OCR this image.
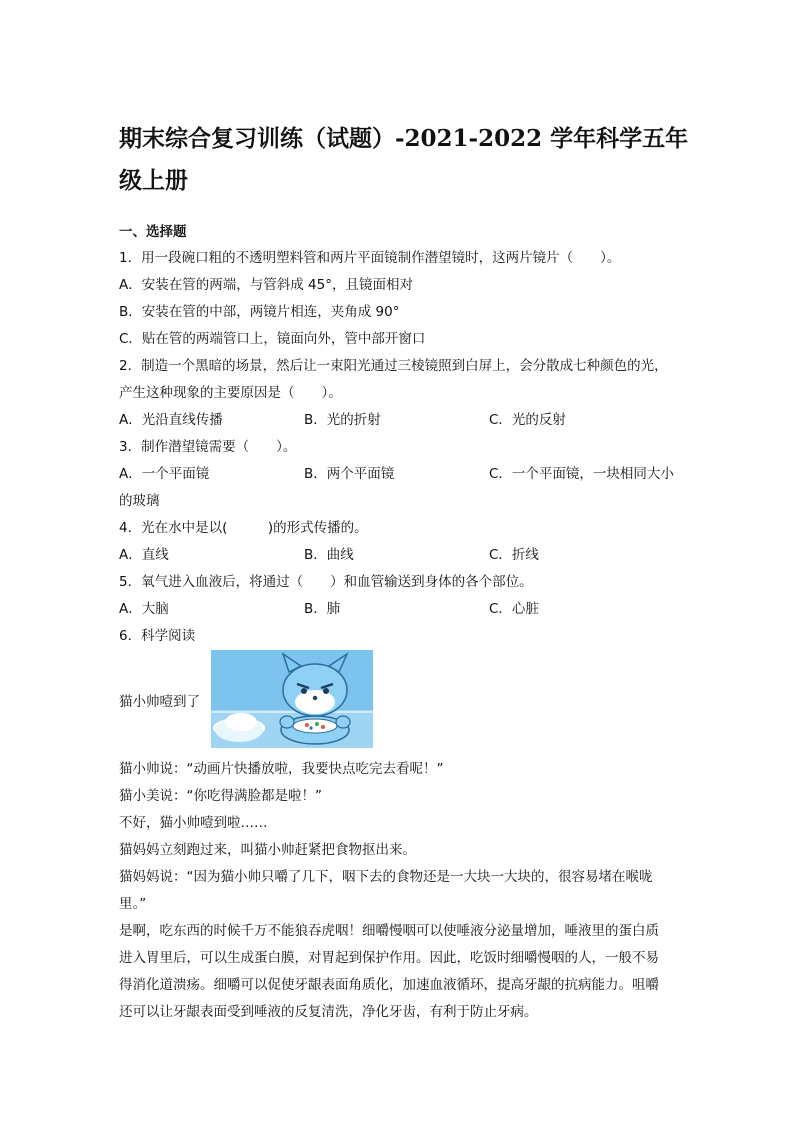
期末综合复习训练（试题）-2021-2022 学年科学五年级上册
一、选择题
1．用一段碗口粗的不透明塑料管和两片平面镜制作潜望镜时，这两片镜片（　　）。
A．安装在管的两端，与管斜成 45°，且镜面相对
B．安装在管的中部，两镜片相连，夹角成 90°
C．贴在管的两端管口上，镜面向外，管中部开窗口
2．制造一个黑暗的场景，然后让一束阳光通过三棱镜照到白屏上，会分散成七种颜色的光，
产生这种现象的主要原因是（　　）。
A．光沿直线传播	B．光的折射	C．光的反射
3．制作潜望镜需要（　　）。
A．一个平面镜	B．两个平面镜	C．一个平面镜，一块相同大小
的玻璃
4．光在水中是以(　　　)的形式传播的。
A．直线	B．曲线	C．折线
5．氧气进入血液后，将通过（　　）和血管输送到身体的各个部位。
A．大脑	B．肺	C．心脏
6．科学阅读
猫小帅噎到了
猫小帅说：“动画片快播放啦，我要快点吃完去看呢！”
猫小美说：“你吃得满脸都是啦！”
不好，猫小帅噎到啦……
猫妈妈立刻跑过来，叫猫小帅赶紧把食物抠出来。
猫妈妈说：“因为猫小帅只嚼了几下，咽下去的食物还是一大块一大块的，很容易堵在喉咙
里。”
是啊，吃东西的时候千万不能狼吞虎咽！细嚼慢咽可以使唾液分泌量增加，唾液里的蛋白质
进入胃里后，可以生成蛋白膜，对胃起到保护作用。因此，吃饭时细嚼慢咽的人，一般不易
得消化道溃疡。细嚼可以促使牙龈表面角质化，加速血液循环，提高牙龈的抗病能力。咀嚼
还可以让牙龈表面受到唾液的反复清洗，净化牙齿，有利于防止牙病。
